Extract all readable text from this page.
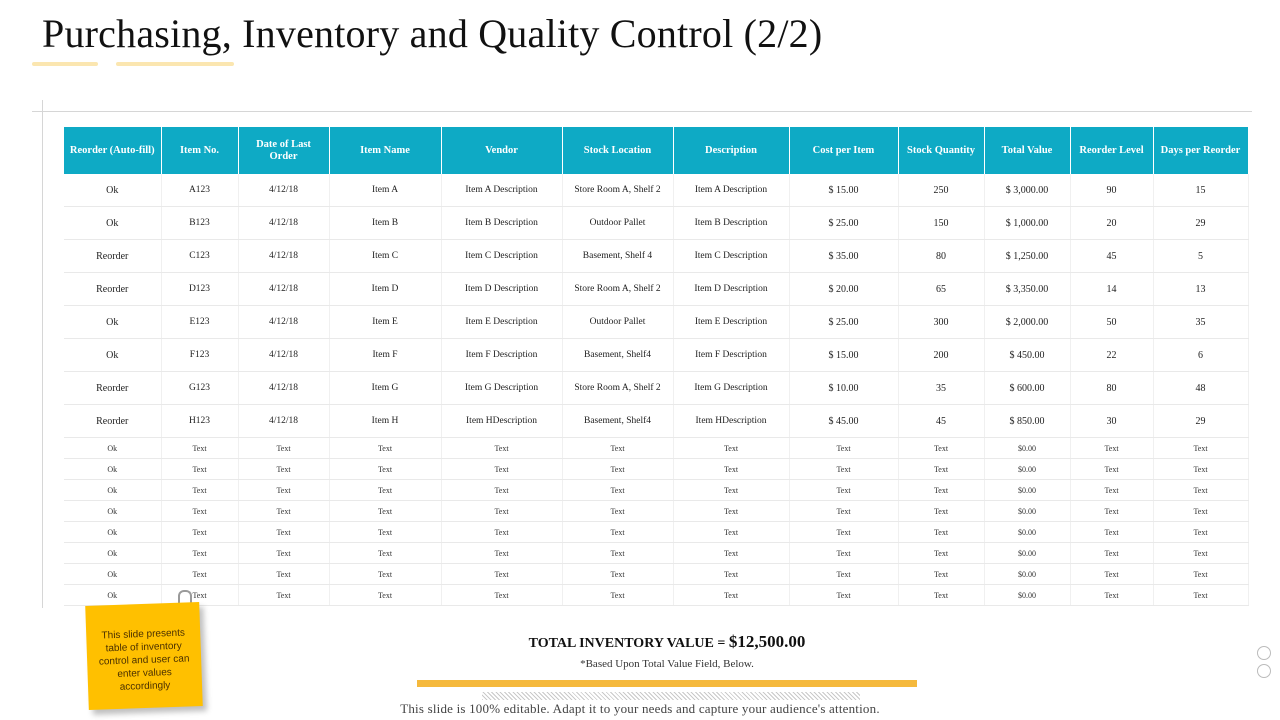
Purchasing, Inventory and Quality Control (2/2)
Reorder (Auto-fill)	Item No.	Date of Last Order	Item Name	Vendor	Stock Location	Description	Cost per Item	Stock Quantity	Total Value	Reorder Level	Days per Reorder
Ok	A123	4/12/18	Item A	Item A Description	Store Room A, Shelf 2	Item A Description	$ 15.00	250	$ 3,000.00	90	15
Ok	B123	4/12/18	Item B	Item B Description	Outdoor Pallet	Item B Description	$ 25.00	150	$ 1,000.00	20	29
Reorder	C123	4/12/18	Item C	Item C Description	Basement, Shelf 4	Item C Description	$ 35.00	80	$ 1,250.00	45	5
Reorder	D123	4/12/18	Item D	Item D Description	Store Room A, Shelf 2	Item D Description	$ 20.00	65	$ 3,350.00	14	13
Ok	E123	4/12/18	Item E	Item E Description	Outdoor Pallet	Item E Description	$ 25.00	300	$ 2,000.00	50	35
Ok	F123	4/12/18	Item F	Item F Description	Basement, Shelf4	Item F Description	$ 15.00	200	$ 450.00	22	6
Reorder	G123	4/12/18	Item G	Item G Description	Store Room A, Shelf 2	Item G Description	$ 10.00	35	$ 600.00	80	48
Reorder	H123	4/12/18	Item H	Item HDescription	Basement, Shelf4	Item HDescription	$ 45.00	45	$ 850.00	30	29
Ok	Text	Text	Text	Text	Text	Text	Text	Text	$0.00	Text	Text
Ok	Text	Text	Text	Text	Text	Text	Text	Text	$0.00	Text	Text
Ok	Text	Text	Text	Text	Text	Text	Text	Text	$0.00	Text	Text
Ok	Text	Text	Text	Text	Text	Text	Text	Text	$0.00	Text	Text
Ok	Text	Text	Text	Text	Text	Text	Text	Text	$0.00	Text	Text
Ok	Text	Text	Text	Text	Text	Text	Text	Text	$0.00	Text	Text
Ok	Text	Text	Text	Text	Text	Text	Text	Text	$0.00	Text	Text
Ok	Text	Text	Text	Text	Text	Text	Text	Text	$0.00	Text	Text
This slide presents table of inventory control and user can enter values accordingly
TOTAL INVENTORY VALUE = $12,500.00
*Based Upon Total Value Field, Below.
This slide is 100% editable. Adapt it to your needs and capture your audience's attention.
